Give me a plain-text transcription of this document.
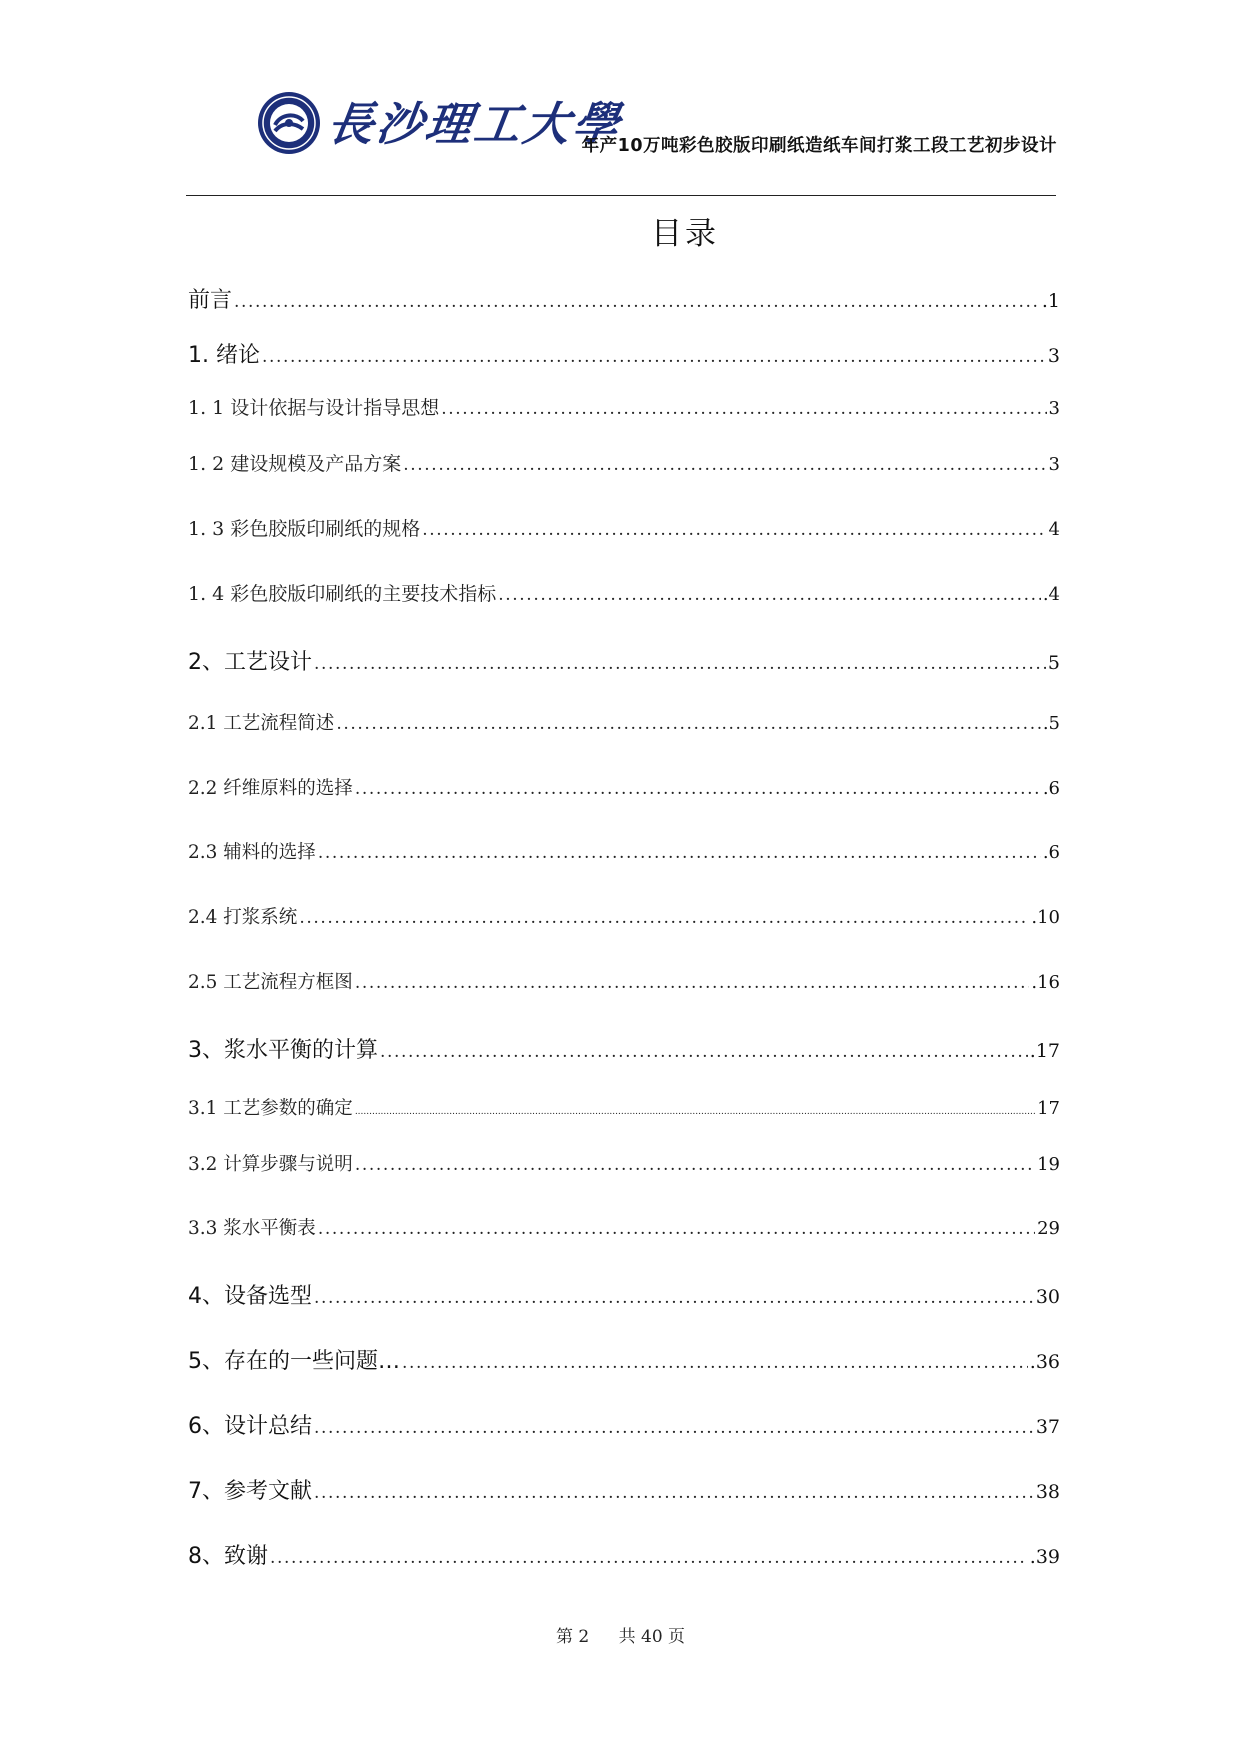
長沙理工大學
年产10万吨彩色胶版印刷纸造纸车间打浆工段工艺初步设计
目录
前言 .....	.1
1. 绪论 .....	3
1. 1 设计依据与设计指导思想 .....	3
1. 2 建设规模及产品方案 .....	3
1. 3 彩色胶版印刷纸的规格 .....	4
1. 4 彩色胶版印刷纸的主要技术指标 .....	.4
2、工艺设计 .....	5
2.1 工艺流程简述 .....	.5
2.2 纤维原料的选择 .....	.6
2.3 辅料的选择 .....	.6
2.4 打浆系统 .....	.10
2.5 工艺流程方框图 .....	.16
3、浆水平衡的计算 .....	.17
3.1 工艺参数的确定 .....	17
3.2 计算步骤与说明 .....	19
3.3 浆水平衡表 .....	29
4、设备选型 .....	30
5、存在的一些问题… .....	.36
6、设计总结 .....	37
7、参考文献 .....	38
8、致谢 .....	.39
第 2 共 40 页
